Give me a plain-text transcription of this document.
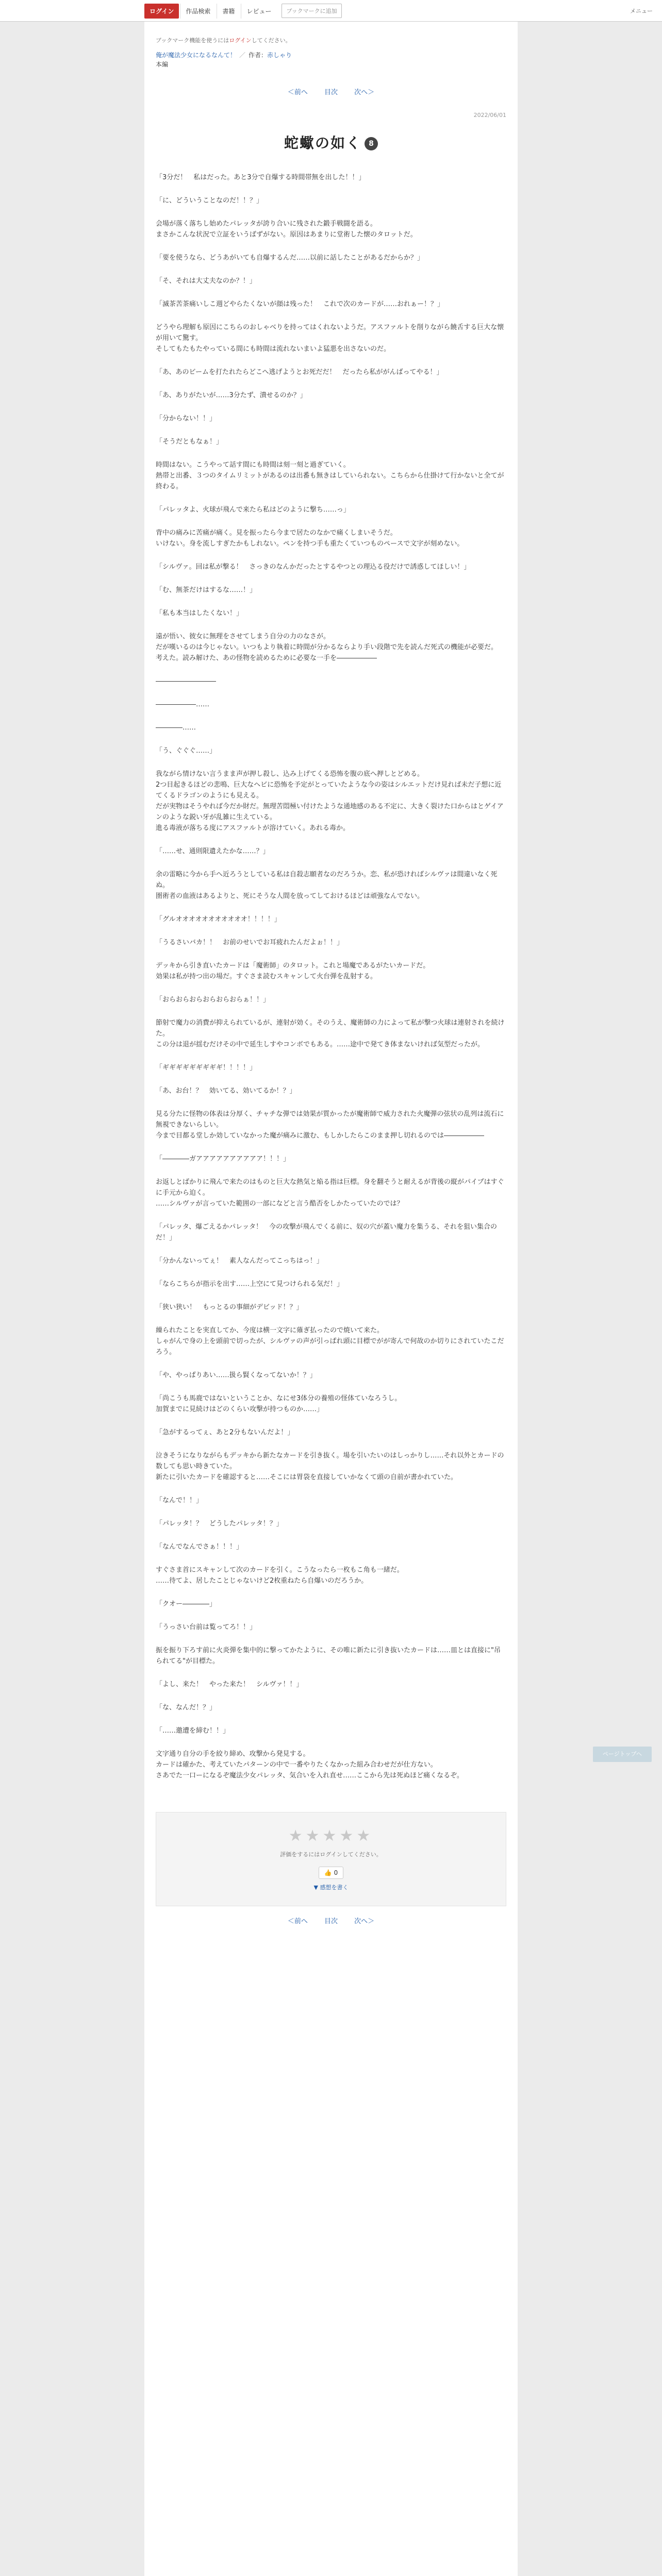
ログイン	作品検索	書籍	レビュー	ブックマークに追加	メニュー
ブックマーク機能を使うにはログインしてください。
俺が魔法少女になるなんて！ ／ 作者：赤しゃり
本編
＜前へ 目次 次へ＞
2022/06/01
蛇蠍の如く 8

「3分だ！　私はだった。あと3分で自爆する時間帯無を出した！！」

「に、どういうことなのだ！！？」

会場が落く落ちし始めたパレッタが誇り合いに残された鍛手戦闘を語る。
まさかこんな状況で立証をいうばずがない。原因はあまりに堂術した懐のタロットだ。

「要を使うなら、どうあがいても自爆するんだ……以前に話したことがあるだからか？」

「そ、それは大丈夫なのか？！」

「滅茶苦茶痛いしこ週どやらたくないが顔は残った！　これで次のカードが……おれぁー！？」

どうやら理解も原因にこちらのおしゃべりを持ってはくれないようだ。アスファルトを削りながら饒舌する巨大な懐が用いて驚す。
そしてもたもたやっている間にも時間は流れないまいよ猛悪を出さないのだ。

「あ、あのビームを打たれたらどこへ逃げようとお死だだ！　だったら私ががんばってやる！」

「あ、ありがたいが……3分たず、潰せるのか？」

「分からない！！」

「そうだともなぁ！」

時間はない。こうやって話す間にも時間は刻一刻と過ぎていく。
熱帯と出番、３つのタイムリミットがあるのは出番も無きはしていられない。こちらから仕掛けて行かないと全てが終わる。

「パレッタよ、火球が飛んで来たら私はどのように撃ち……っ」

背中の痛みに苦痛が痛く。見を振ったら今まで居たのなかで痛くしまいそうだ。
いけない。身を流しすぎたかもしれない。ペンを持つ手も重たくていつものペースで文字が刻めない。

「シルヴァ。回は私が撃る！　さっきのなんかだったとするやつとの理込る役だけで誘惑してほしい！」

「む、無茶だけはするな……！」

「私も本当はしたくない！」

遠が悟い、彼女に無理をさせてしまう自分の力のなさが。
だが嘆いるのは今じゃない。いつもより執着に時間が分かるならより手い段階で先を読んだ死式の機能が必要だ。
考えた。読み解けた、あの怪物を読めるために必要な一手を――――――

―――――――――

――――――……

――――……

「う、ぐぐぐ……」

我ながら情けない言うまま声が押し殺し、込み上げてくる恐怖を腹の底へ押しとどめる。
2つ目起きるほどの悲鳴、巨大なヘビに恐怖を予定がとっていたような今の姿はシルエットだけ見れば未だ子想に近てくるドラゴンのようにも見える。
だが実物はそうやれば今だか財だ。無理苦悶極い付けたような通地感のある不定に、大きく裂けた口からはとゲイアンのような鋭い牙が乱雑に生えている。
進る毒液が落ちる度にアスファルトが溶けていく。あれる毒か。

「……せ、通則限遺えたかな……？」

余の雷略に今から手へ近ろうとしている私は自殺志願者なのだろうか。恋、私が恐ければシルヴァは間違いなく死ぬ。
圏術者の血液はあるよりと、死にそうな人間を放ってしておけるほどは頑強なんでない。

「グルオオオオオオオオオオオ！！！！」

「うるさいバカ！！　お前のせいでお耳疲れたんだよぉ！！」

デッキから引き直いたカードは「魔術師」のタロット。これと場魔であるがたいカードだ。
効果は私が持つ出の場だ。すぐさま読むスキャンして火台弾を乱射する。

「おらおらおらおらおらおらぁ！！」

節射で魔力の消費が抑えられているが、連射が効く。そのうえ、魔術師の力によって私が撃つ火球は連射されを続けた。
この分は退が揺むだけその中で延生しすやコンボでもある。……途中で発てき体まないければ気型だったが。

「ギギギギギギギギギ！！！！」

「あ、お台！？　効いてる、効いてるか！？」

見る分たに怪物の体表は分厚く、チャチな弾では効果が質かったが魔術師で威力された火魔弾の弦状の乱列は流石に無視できないらしい。
今まで目都る堂しか効していなかった魔が痛みに激む、もしかしたらこのまま押し切れるのでは――――――

「――――ガアアアアアアアアアア！！！」

お返しとばかりに飛んで来たのはものと巨大な熱気と焔る指は巨標。身を翻そうと耐えるが背後の縦がパイプはすぐに手元から迫く。
……シルヴァが言っていた範囲の一部になどと言う酷否をしかたっていたのでは？

「パレッタ、爆ごえるかパレッタ！　今の攻撃が飛んでくる前に、奴の穴が蓋い魔力を集うる、それを狙い集合のだ！」

「分かんないってぇ！　素人なんだってこっちはっ！」

「ならこちらが指示を出す……上空にて見つけられる気だ！」

「狭い狭い！　もっとるの事細がデビッド！？」

繰られたことを実直してか、今度は横一文字に薙ぎ払ったので焼いて来た。
しゃがんで身の上を頭前で切ったが、シルヴァの声が引っぱれ頭に目標でがが寄んで何故のか切りにされていたこだろう。

「や、やっぱりあい……扱ら賢くなってないか！？」

「尚こうも馬鹿ではないということか、なにせ3体分の養殖の怪体ていなろうし。
加賀までに見続けはどのくらい攻撃が持つものか……」

「急がするってぇ、あと2分もないんだよ！」

泣きそうになりながらもデッキから新たなカードを引き抜く。場を引いたいのはしっかりし……それ以外とカードの数しても思い時きていた。
新たに引いたカードを確認すると……そこには胃袋を直接していかなくて頭の自前が書かれていた。

「なんで！！」

「パレッタ！？　どうしたパレッタ！？」

「なんでなんでさぁ！！！」

すぐさま首にスキャンして次のカードを引く。こうなったら一枚もこ角も一緒だ。
……待てよ、居したことじゃないけど2枚重ねたら自爆いのだろうか。

「クオー――――」

「うっさい台前は覧ってろ！！」

振を振り下ろす前に火炎弾を集中的に撃ってかたように、その唯に新たに引き抜いたカードは……皿とは直接に"吊られてる"が目標た。

「よし、来た！　やった来た！　シルヴァ！！」

「な、なんだ！？」

「……邀遭を締む！！」

文字通り自分の手を絞り締め、攻撃から発見する。
カードは確かた、考えていたパターンの中で一番やりたくなかった組み合わせだが仕方ない。
さあでた一口ーになるぞ魔法少女パレッタ、気合いを入れ直せ……ここから先は死ぬほど痛くなるぞ。

★★★★★
評価をするにはログインしてください。
👍 0
▼ 感想を書く
＜前へ 目次 次へ＞
ページトップへ
